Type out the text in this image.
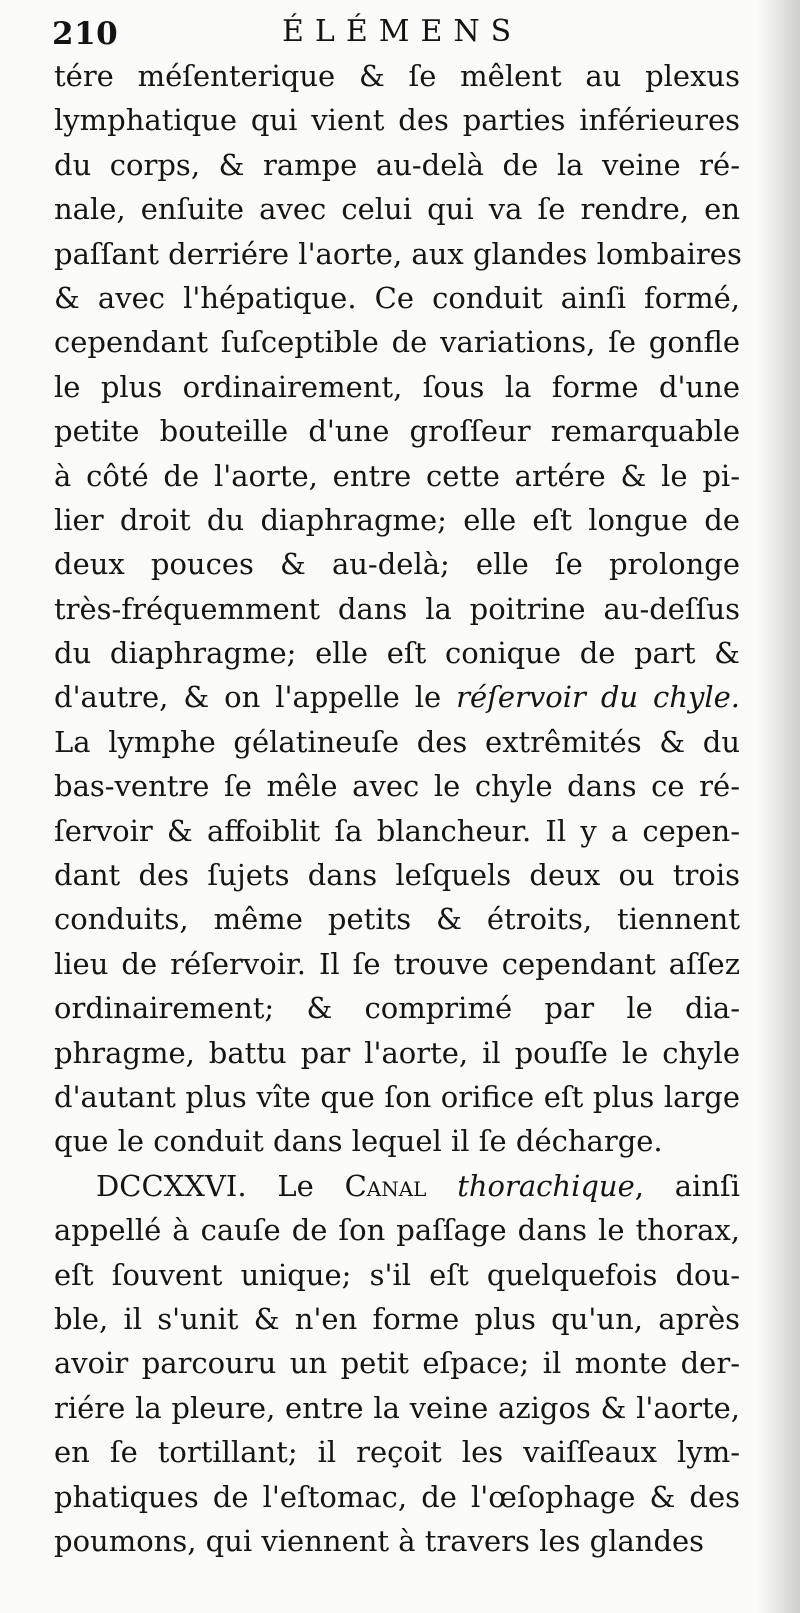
210	ÉLÉMENS
tére méſenterique & ſe mêlent au plexus
lymphatique qui vient des parties inférieures
du corps, & rampe au-delà de la veine ré-
nale, enſuite avec celui qui va ſe rendre, en
paſſant derriére l'aorte, aux glandes lombaires
& avec l'hépatique. Ce conduit ainſi formé,
cependant ſuſceptible de variations, ſe gonfle
le plus ordinairement, ſous la forme d'une
petite bouteille d'une groſſeur remarquable
à côté de l'aorte, entre cette artére & le pi-
lier droit du diaphragme; elle eſt longue de
deux pouces & au-delà; elle ſe prolonge
très-fréquemment dans la poitrine au-deſſus
du diaphragme; elle eſt conique de part &
d'autre, & on l'appelle le réſervoir du chyle.
La lymphe gélatineuſe des extrêmités & du
bas-ventre ſe mêle avec le chyle dans ce ré-
ſervoir & affoiblit ſa blancheur. Il y a cepen-
dant des ſujets dans leſquels deux ou trois
conduits, même petits & étroits, tiennent
lieu de réſervoir. Il ſe trouve cependant aſſez
ordinairement; & comprimé par le dia-
phragme, battu par l'aorte, il pouſſe le chyle
d'autant plus vîte que ſon orifice eſt plus large
que le conduit dans lequel il ſe décharge.
DCCXXVI. Le Canal thorachique, ainſi
appellé à cauſe de ſon paſſage dans le thorax,
eſt ſouvent unique; s'il eſt quelquefois dou-
ble, il s'unit & n'en forme plus qu'un, après
avoir parcouru un petit eſpace; il monte der-
riére la pleure, entre la veine azigos & l'aorte,
en ſe tortillant; il reçoit les vaiſſeaux lym-
phatiques de l'eſtomac, de l'œſophage & des
poumons, qui viennent à travers les glandes
